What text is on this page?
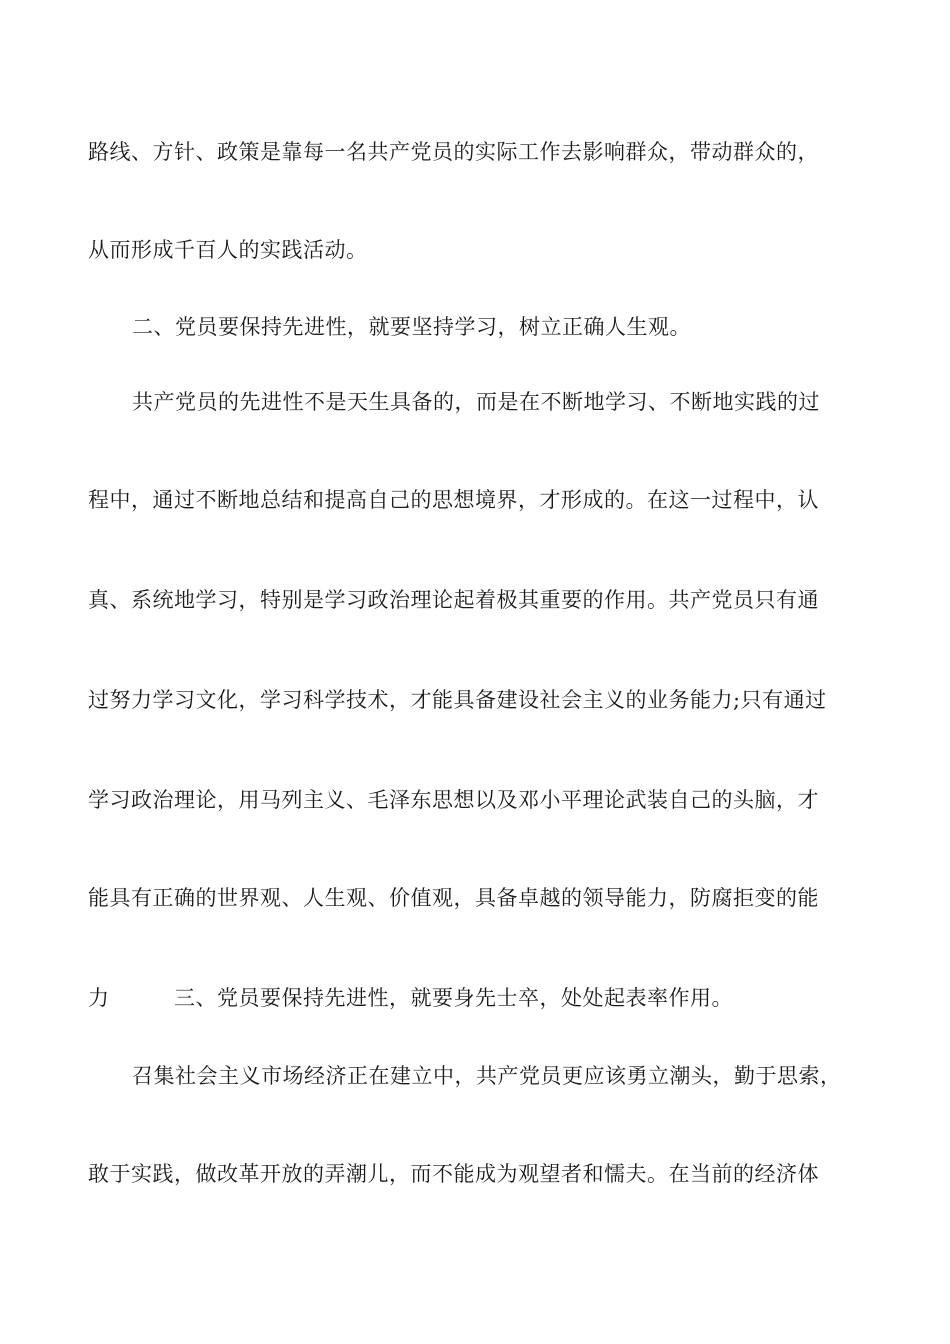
路线、方针、政策是靠每一名共产党员的实际工作去影响群众，带动群众的，
从而形成千百人的实践活动。
二、党员要保持先进性，就要坚持学习，树立正确人生观。
共产党员的先进性不是天生具备的，而是在不断地学习、不断地实践的过
程中，通过不断地总结和提高自己的思想境界，才形成的。在这一过程中，认
真、系统地学习，特别是学习政治理论起着极其重要的作用。共产党员只有通
过努力学习文化，学习科学技术，才能具备建设社会主义的业务能力;只有通过
学习政治理论，用马列主义、毛泽东思想以及邓小平理论武装自己的头脑，才
能具有正确的世界观、人生观、价值观，具备卓越的领导能力，防腐拒变的能
力　　　三、党员要保持先进性，就要身先士卒，处处起表率作用。
召集社会主义市场经济正在建立中，共产党员更应该勇立潮头，勤于思索，
敢于实践，做改革开放的弄潮儿，而不能成为观望者和懦夫。在当前的经济体
